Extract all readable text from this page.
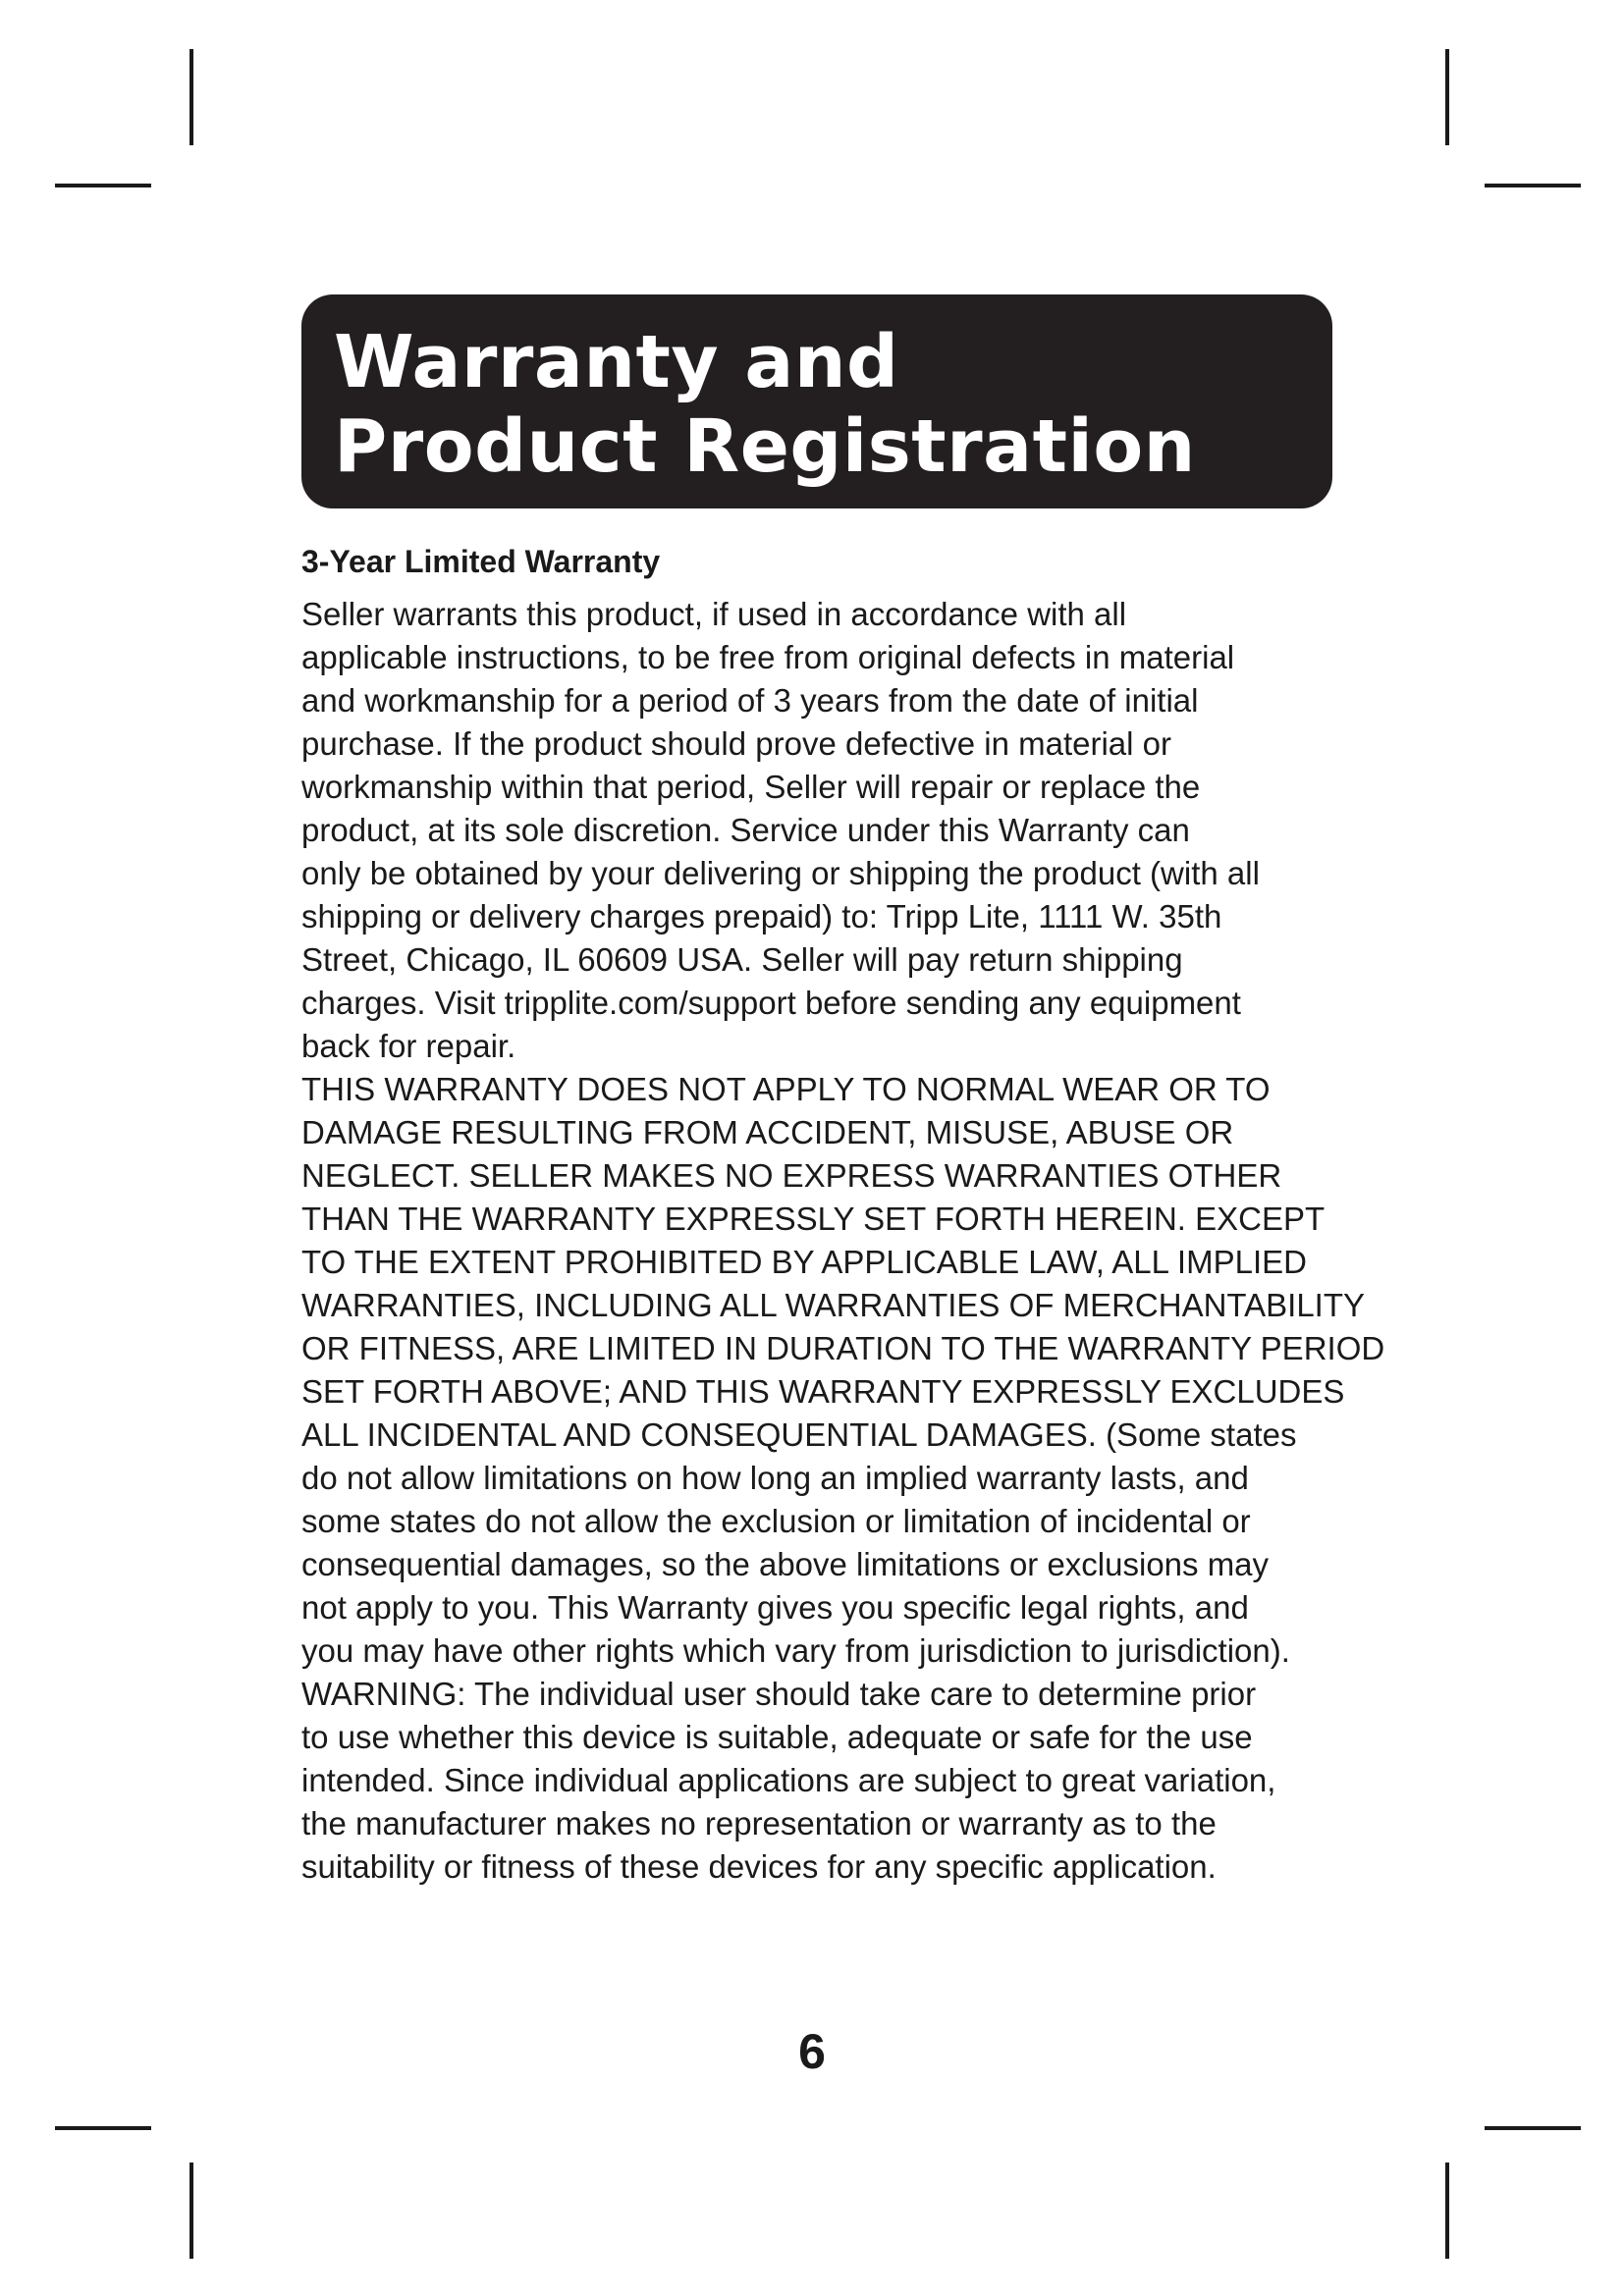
Warranty and
Product Registration
3-Year Limited Warranty

Seller warrants this product, if used in accordance with all
applicable instructions, to be free from original defects in material
and workmanship for a period of 3 years from the date of initial
purchase. If the product should prove defective in material or
workmanship within that period, Seller will repair or replace the
product, at its sole discretion. Service under this Warranty can
only be obtained by your delivering or shipping the product (with all
shipping or delivery charges prepaid) to: Tripp Lite, 1111 W. 35th
Street, Chicago, IL 60609 USA. Seller will pay return shipping
charges. Visit tripplite.com/support before sending any equipment
back for repair.

THIS WARRANTY DOES NOT APPLY TO NORMAL WEAR OR TO
DAMAGE RESULTING FROM ACCIDENT, MISUSE, ABUSE OR
NEGLECT. SELLER MAKES NO EXPRESS WARRANTIES OTHER
THAN THE WARRANTY EXPRESSLY SET FORTH HEREIN. EXCEPT
TO THE EXTENT PROHIBITED BY APPLICABLE LAW, ALL IMPLIED
WARRANTIES, INCLUDING ALL WARRANTIES OF MERCHANTABILITY
OR FITNESS, ARE LIMITED IN DURATION TO THE WARRANTY PERIOD
SET FORTH ABOVE; AND THIS WARRANTY EXPRESSLY EXCLUDES
ALL INCIDENTAL AND CONSEQUENTIAL DAMAGES. (Some states
do not allow limitations on how long an implied warranty lasts, and
some states do not allow the exclusion or limitation of incidental or
consequential damages, so the above limitations or exclusions may
not apply to you. This Warranty gives you specific legal rights, and
you may have other rights which vary from jurisdiction to jurisdiction).

WARNING: The individual user should take care to determine prior
to use whether this device is suitable, adequate or safe for the use
intended. Since individual applications are subject to great variation,
the manufacturer makes no representation or warranty as to the
suitability or fitness of these devices for any specific application.

6
